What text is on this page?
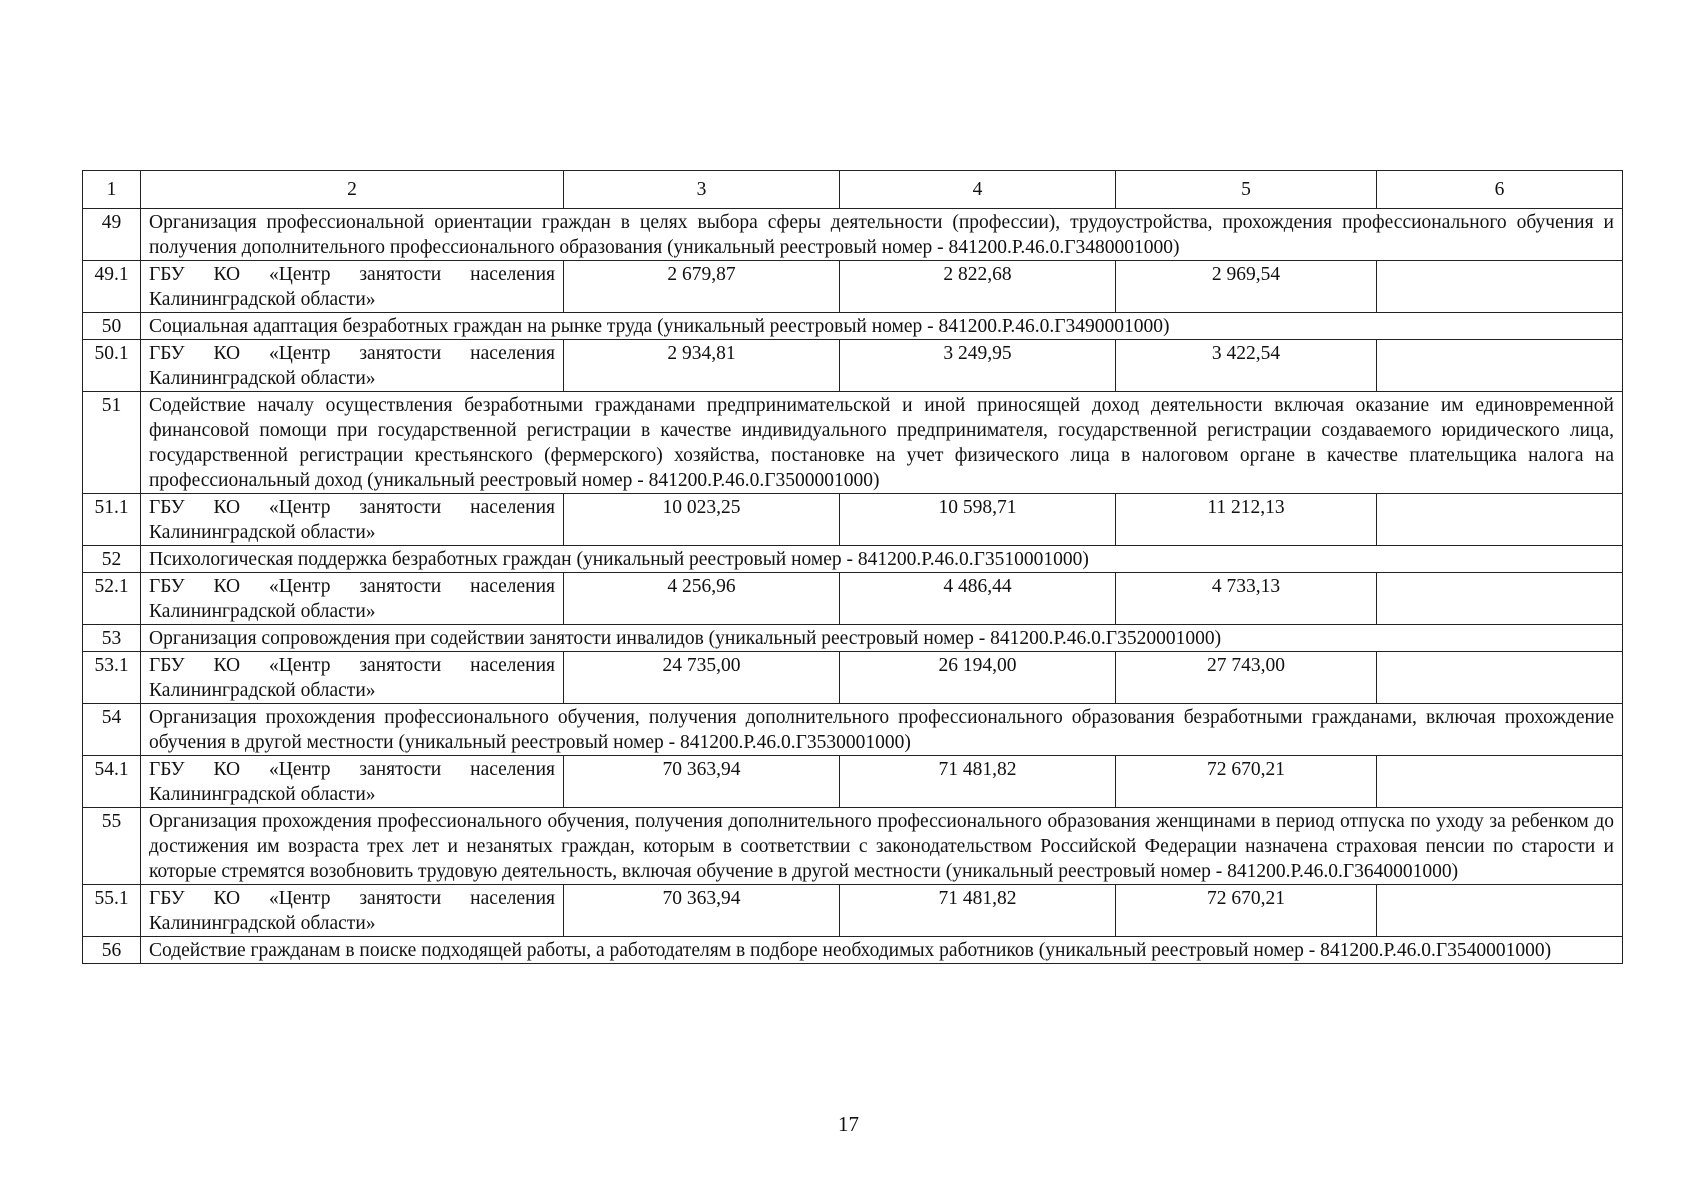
1	2	3	4	5	6
49	Организация профессиональной ориентации граждан в целях выбора сферы деятельности (профессии), трудоустройства, прохождения профессионального обучения и получения дополнительного профессионального образования (уникальный реестровый номер - 841200.Р.46.0.Г3480001000)				
49.1	ГБУ КО «Центр занятости населения Калининградской области»	2 679,87	2 822,68	2 969,54	
50	Социальная адаптация безработных граждан на рынке труда (уникальный реестровый номер - 841200.Р.46.0.Г3490001000)				
50.1	ГБУ КО «Центр занятости населения Калининградской области»	2 934,81	3 249,95	3 422,54	
51	Содействие началу осуществления безработными гражданами предпринимательской и иной приносящей доход деятельности включая оказание им единовременной финансовой помощи при государственной регистрации в качестве индивидуального предпринимателя, государственной регистрации создаваемого юридического лица, государственной регистрации крестьянского (фермерского) хозяйства, постановке на учет физического лица в налоговом органе в качестве плательщика налога на профессиональный доход (уникальный реестровый номер - 841200.Р.46.0.Г3500001000)				
51.1	ГБУ КО «Центр занятости населения Калининградской области»	10 023,25	10 598,71	11 212,13	
52	Психологическая поддержка безработных граждан (уникальный реестровый номер - 841200.Р.46.0.Г3510001000)				
52.1	ГБУ КО «Центр занятости населения Калининградской области»	4 256,96	4 486,44	4 733,13	
53	Организация сопровождения при содействии занятости инвалидов (уникальный реестровый номер - 841200.Р.46.0.Г3520001000)				
53.1	ГБУ КО «Центр занятости населения Калининградской области»	24 735,00	26 194,00	27 743,00	
54	Организация прохождения профессионального обучения, получения дополнительного профессионального образования безработными гражданами, включая прохождение обучения в другой местности (уникальный реестровый номер - 841200.Р.46.0.Г3530001000)				
54.1	ГБУ КО «Центр занятости населения Калининградской области»	70 363,94	71 481,82	72 670,21	
55	Организация прохождения профессионального обучения, получения дополнительного профессионального образования женщинами в период отпуска по уходу за ребенком до достижения им возраста трех лет и незанятых граждан, которым в соответствии с законодательством Российской Федерации назначена страховая пенсии по старости и которые стремятся возобновить трудовую деятельность, включая обучение в другой местности (уникальный реестровый номер - 841200.Р.46.0.Г3640001000)				
55.1	ГБУ КО «Центр занятости населения Калининградской области»	70 363,94	71 481,82	72 670,21	
56	Содействие гражданам в поиске подходящей работы, а работодателям в подборе необходимых работников (уникальный реестровый номер - 841200.Р.46.0.Г3540001000)				
17
